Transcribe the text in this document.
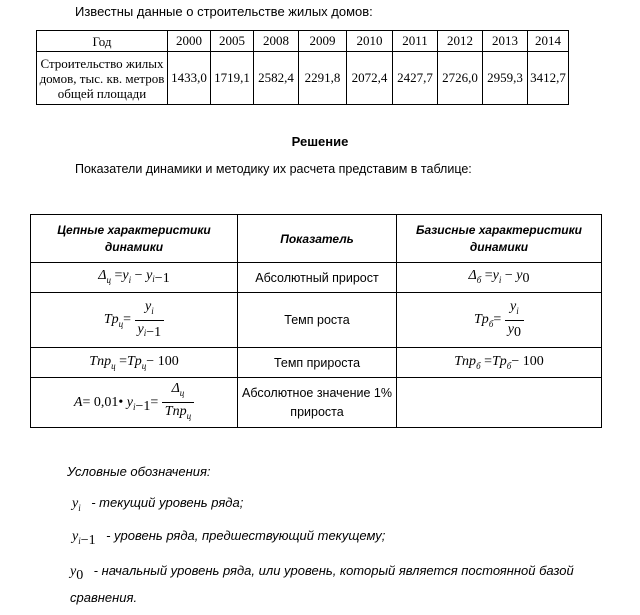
Известны данные о строительстве жилых домов:
Год	2000	2005	2008	2009	2010	2011	2012	2013	2014
Строительство жилых домов, тыс. кв. метров общей площади	1433,0	1719,1	2582,4	2291,8	2072,4	2427,7	2726,0	2959,3	3412,7
Решение
Показатели динамики и методику их расчета представим в таблице:
Цепные характеристики динамики	Показатель	Базисные характеристики динамики
$\Delta_ц =y_i - y_{i-1}$	Абсолютный прирост	$\Delta_б =y_i - y_0$
$Tp_ц= \frac{y_i}{y_{i-1}}$	Темп роста	$Tp_б= \frac{y_i}{y_0}$

$Tnp_ц =Tp_ц- 100$	Темп прироста	$Tnp_б =Tp_б- 100$
A= 0,01• $y_{i-1}= \frac{\Delta_ц}{Tnp_ц}$	Абсолютное значение 1% прироста	
Условные обозначения:
$y_i$ - текущий уровень ряда;
$y_{i-1}$ - уровень ряда, предшествующий текущему;
$y_0$ - начальный уровень ряда, или уровень, который является постоянной базой сравнения.
